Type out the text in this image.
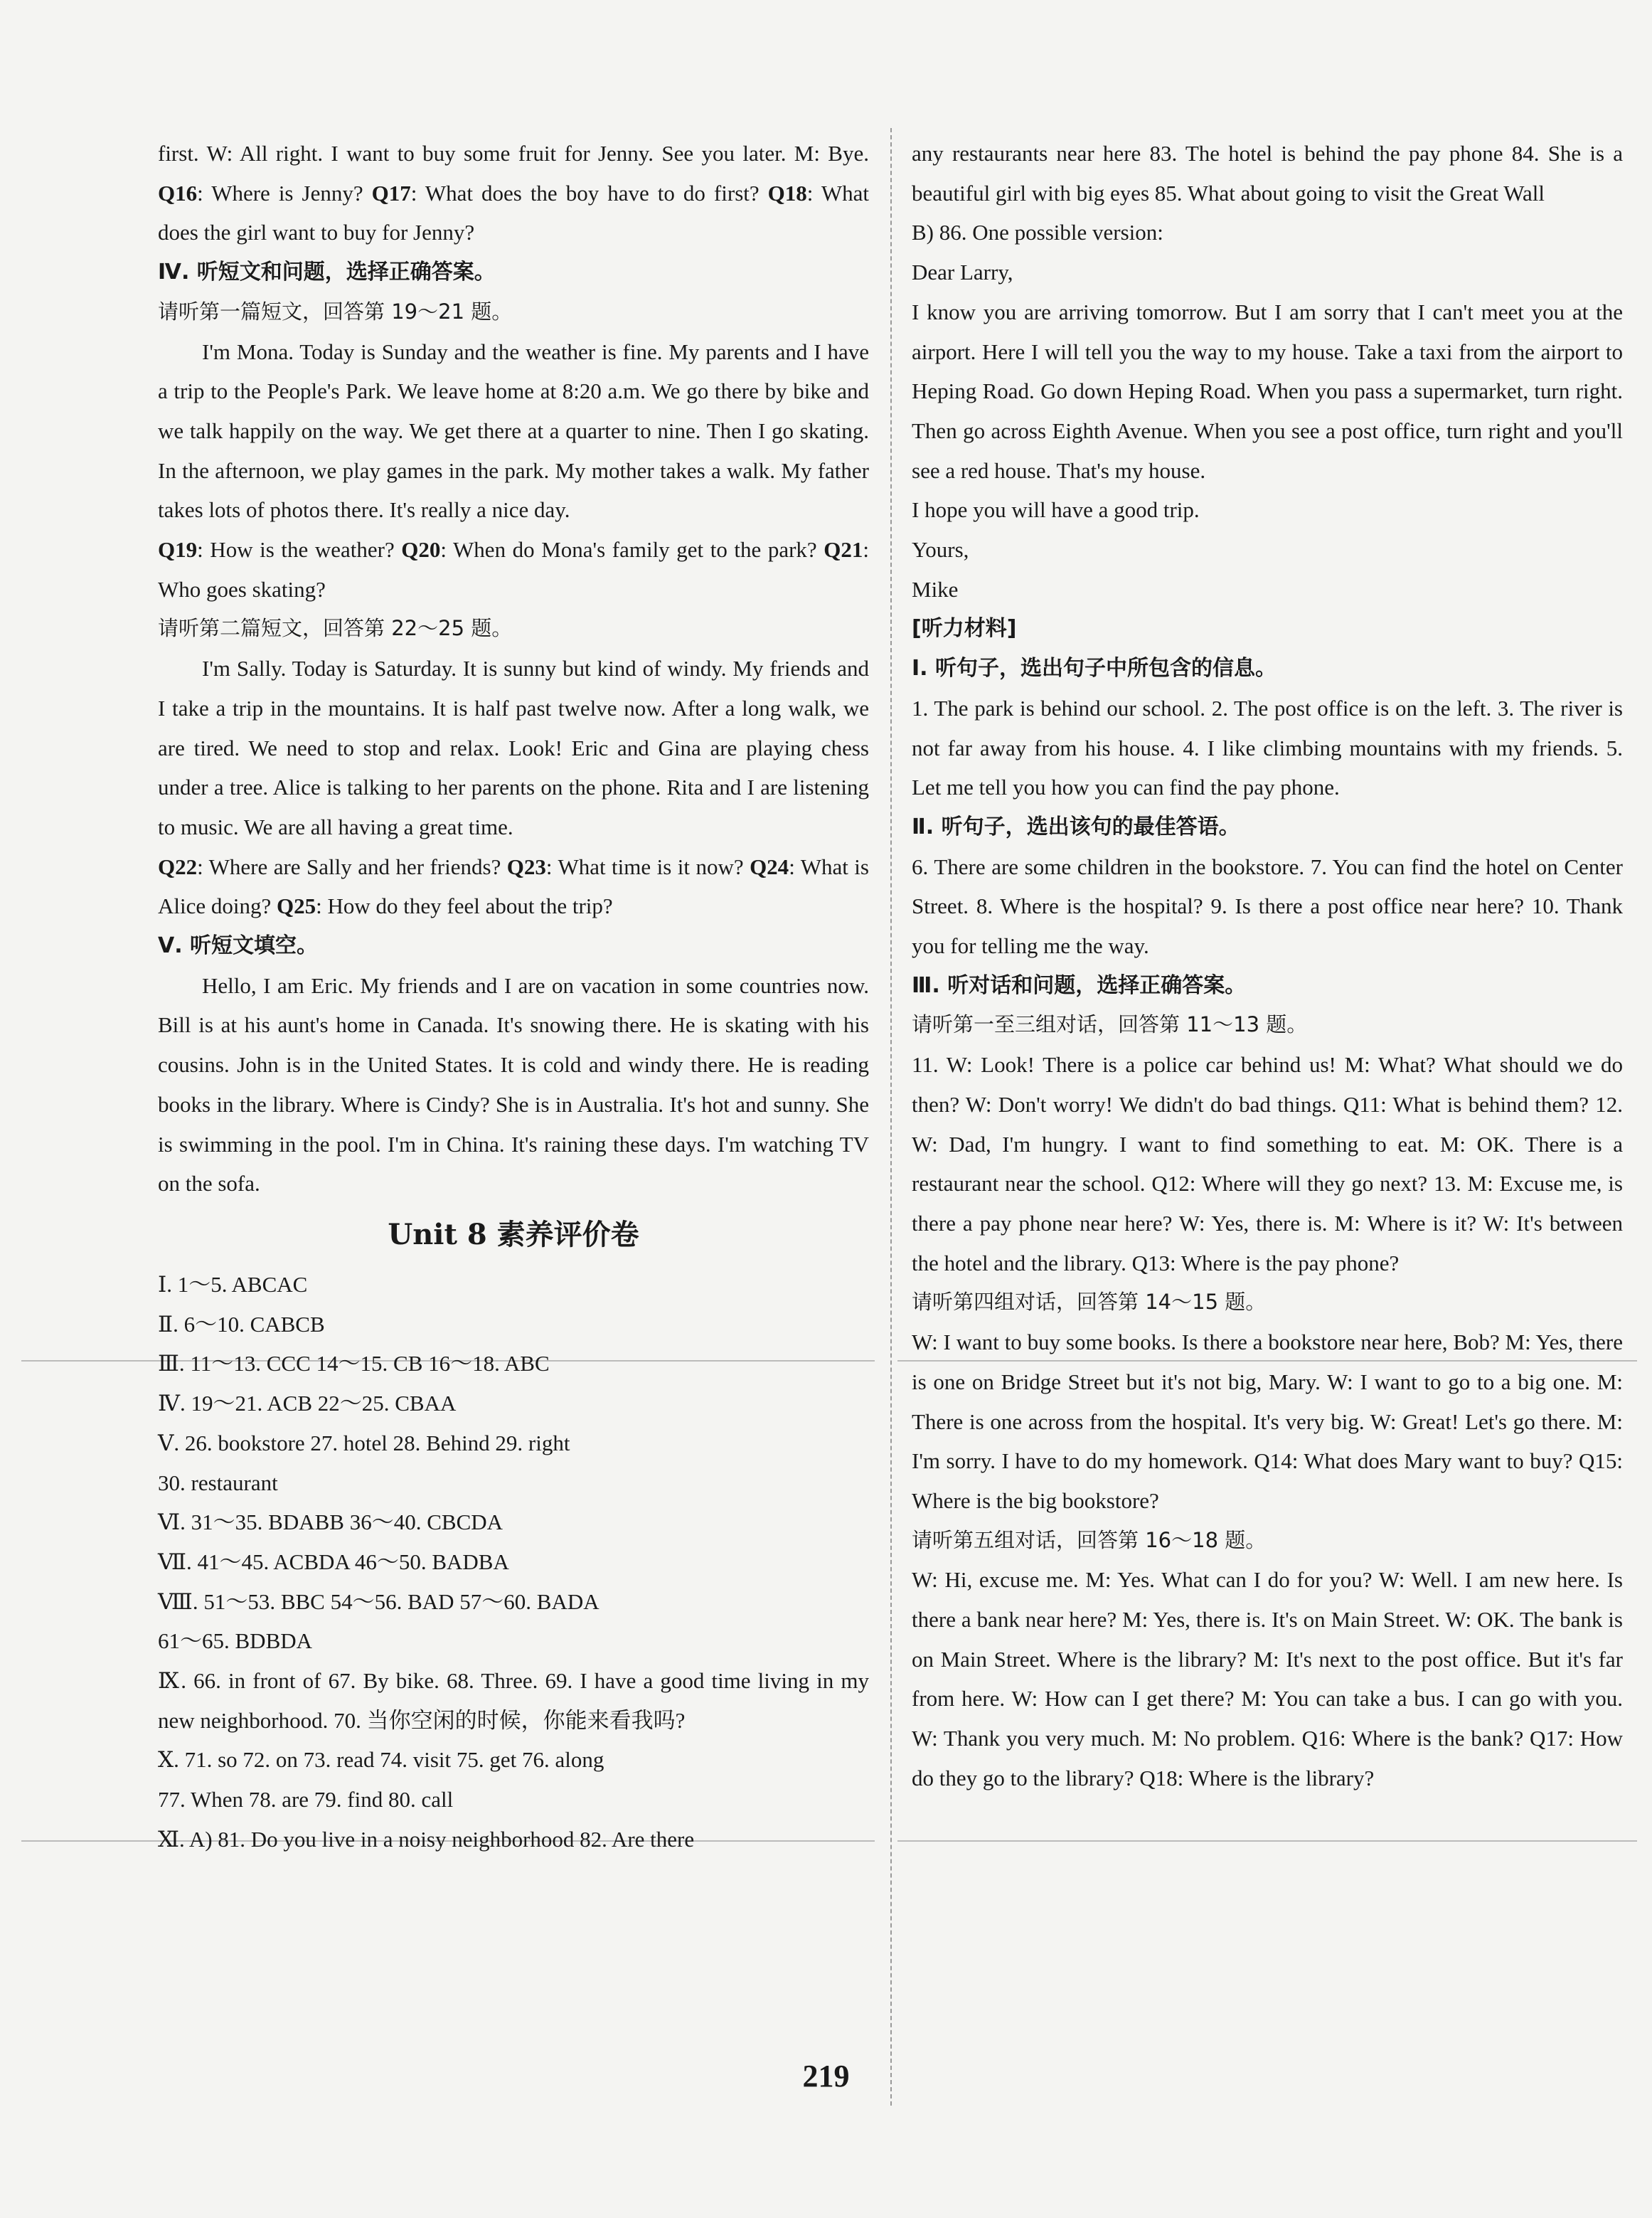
first. W: All right. I want to buy some fruit for Jenny. See you later. M: Bye. Q16: Where is Jenny? Q17: What does the boy have to do first? Q18: What does the girl want to buy for Jenny?

Ⅳ. 听短文和问题，选择正确答案。

请听第一篇短文，回答第 19～21 题。

I'm Mona. Today is Sunday and the weather is fine. My parents and I have a trip to the People's Park. We leave home at 8:20 a.m. We go there by bike and we talk happily on the way. We get there at a quarter to nine. Then I go skating. In the afternoon, we play games in the park. My mother takes a walk. My father takes lots of photos there. It's really a nice day.

Q19: How is the weather? Q20: When do Mona's family get to the park? Q21: Who goes skating?

请听第二篇短文，回答第 22～25 题。

I'm Sally. Today is Saturday. It is sunny but kind of windy. My friends and I take a trip in the mountains. It is half past twelve now. After a long walk, we are tired. We need to stop and relax. Look! Eric and Gina are playing chess under a tree. Alice is talking to her parents on the phone. Rita and I are listening to music. We are all having a great time.

Q22: Where are Sally and her friends? Q23: What time is it now? Q24: What is Alice doing? Q25: How do they feel about the trip?

Ⅴ. 听短文填空。

Hello, I am Eric. My friends and I are on vacation in some countries now. Bill is at his aunt's home in Canada. It's snowing there. He is skating with his cousins. John is in the United States. It is cold and windy there. He is reading books in the library. Where is Cindy? She is in Australia. It's hot and sunny. She is swimming in the pool. I'm in China. It's raining these days. I'm watching TV on the sofa.

Unit 8 素养评价卷

Ⅰ. 1～5. ABCAC

Ⅱ. 6～10. CABCB

Ⅲ. 11～13. CCC 14～15. CB 16～18. ABC

Ⅳ. 19～21. ACB 22～25. CBAA

Ⅴ. 26. bookstore 27. hotel 28. Behind 29. right

30. restaurant

Ⅵ. 31～35. BDABB 36～40. CBCDA

Ⅶ. 41～45. ACBDA 46～50. BADBA

Ⅷ. 51～53. BBC 54～56. BAD 57～60. BADA

61～65. BDBDA

Ⅸ. 66. in front of 67. By bike. 68. Three. 69. I have a good time living in my new neighborhood. 70. 当你空闲的时候，你能来看我吗?

Ⅹ. 71. so 72. on 73. read 74. visit 75. get 76. along

77. When 78. are 79. find 80. call

Ⅺ. A) 81. Do you live in a noisy neighborhood 82. Are there

any restaurants near here 83. The hotel is behind the pay phone 84. She is a beautiful girl with big eyes 85. What about going to visit the Great Wall

B) 86. One possible version:

Dear Larry,

I know you are arriving tomorrow. But I am sorry that I can't meet you at the airport. Here I will tell you the way to my house. Take a taxi from the airport to Heping Road. Go down Heping Road. When you pass a supermarket, turn right. Then go across Eighth Avenue. When you see a post office, turn right and you'll see a red house. That's my house.

I hope you will have a good trip.

Yours,

Mike

[听力材料]

Ⅰ. 听句子，选出句子中所包含的信息。

1. The park is behind our school. 2. The post office is on the left. 3. The river is not far away from his house. 4. I like climbing mountains with my friends. 5. Let me tell you how you can find the pay phone.

Ⅱ. 听句子，选出该句的最佳答语。

6. There are some children in the bookstore. 7. You can find the hotel on Center Street. 8. Where is the hospital? 9. Is there a post office near here? 10. Thank you for telling me the way.

Ⅲ. 听对话和问题，选择正确答案。

请听第一至三组对话，回答第 11～13 题。

11. W: Look! There is a police car behind us! M: What? What should we do then? W: Don't worry! We didn't do bad things. Q11: What is behind them? 12. W: Dad, I'm hungry. I want to find something to eat. M: OK. There is a restaurant near the school. Q12: Where will they go next? 13. M: Excuse me, is there a pay phone near here? W: Yes, there is. M: Where is it? W: It's between the hotel and the library. Q13: Where is the pay phone?

请听第四组对话，回答第 14～15 题。

W: I want to buy some books. Is there a bookstore near here, Bob? M: Yes, there is one on Bridge Street but it's not big, Mary. W: I want to go to a big one. M: There is one across from the hospital. It's very big. W: Great! Let's go there. M: I'm sorry. I have to do my homework. Q14: What does Mary want to buy? Q15: Where is the big bookstore?

请听第五组对话，回答第 16～18 题。

W: Hi, excuse me. M: Yes. What can I do for you? W: Well. I am new here. Is there a bank near here? M: Yes, there is. It's on Main Street. W: OK. The bank is on Main Street. Where is the library? M: It's next to the post office. But it's far from here. W: How can I get there? M: You can take a bus. I can go with you. W: Thank you very much. M: No problem. Q16: Where is the bank? Q17: How do they go to the library? Q18: Where is the library?

219
